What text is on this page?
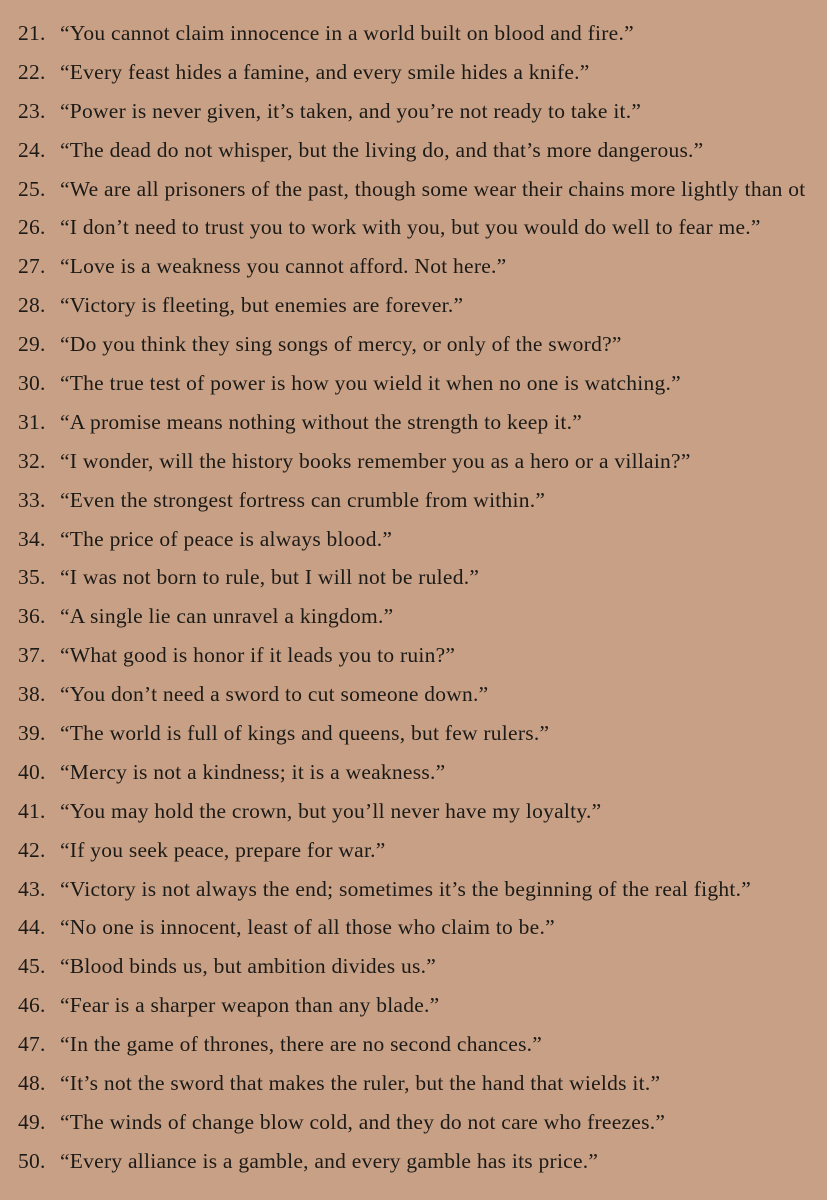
21. “You cannot claim innocence in a world built on blood and fire.”
22. “Every feast hides a famine, and every smile hides a knife.”
23. “Power is never given, it’s taken, and you’re not ready to take it.”
24. “The dead do not whisper, but the living do, and that’s more dangerous.”
25. “We are all prisoners of the past, though some wear their chains more lightly than ot
26. “I don’t need to trust you to work with you, but you would do well to fear me.”
27. “Love is a weakness you cannot afford. Not here.”
28. “Victory is fleeting, but enemies are forever.”
29. “Do you think they sing songs of mercy, or only of the sword?”
30. “The true test of power is how you wield it when no one is watching.”
31. “A promise means nothing without the strength to keep it.”
32. “I wonder, will the history books remember you as a hero or a villain?”
33. “Even the strongest fortress can crumble from within.”
34. “The price of peace is always blood.”
35. “I was not born to rule, but I will not be ruled.”
36. “A single lie can unravel a kingdom.”
37. “What good is honor if it leads you to ruin?”
38. “You don’t need a sword to cut someone down.”
39. “The world is full of kings and queens, but few rulers.”
40. “Mercy is not a kindness; it is a weakness.”
41. “You may hold the crown, but you’ll never have my loyalty.”
42. “If you seek peace, prepare for war.”
43. “Victory is not always the end; sometimes it’s the beginning of the real fight.”
44. “No one is innocent, least of all those who claim to be.”
45. “Blood binds us, but ambition divides us.”
46. “Fear is a sharper weapon than any blade.”
47. “In the game of thrones, there are no second chances.”
48. “It’s not the sword that makes the ruler, but the hand that wields it.”
49. “The winds of change blow cold, and they do not care who freezes.”
50. “Every alliance is a gamble, and every gamble has its price.”
